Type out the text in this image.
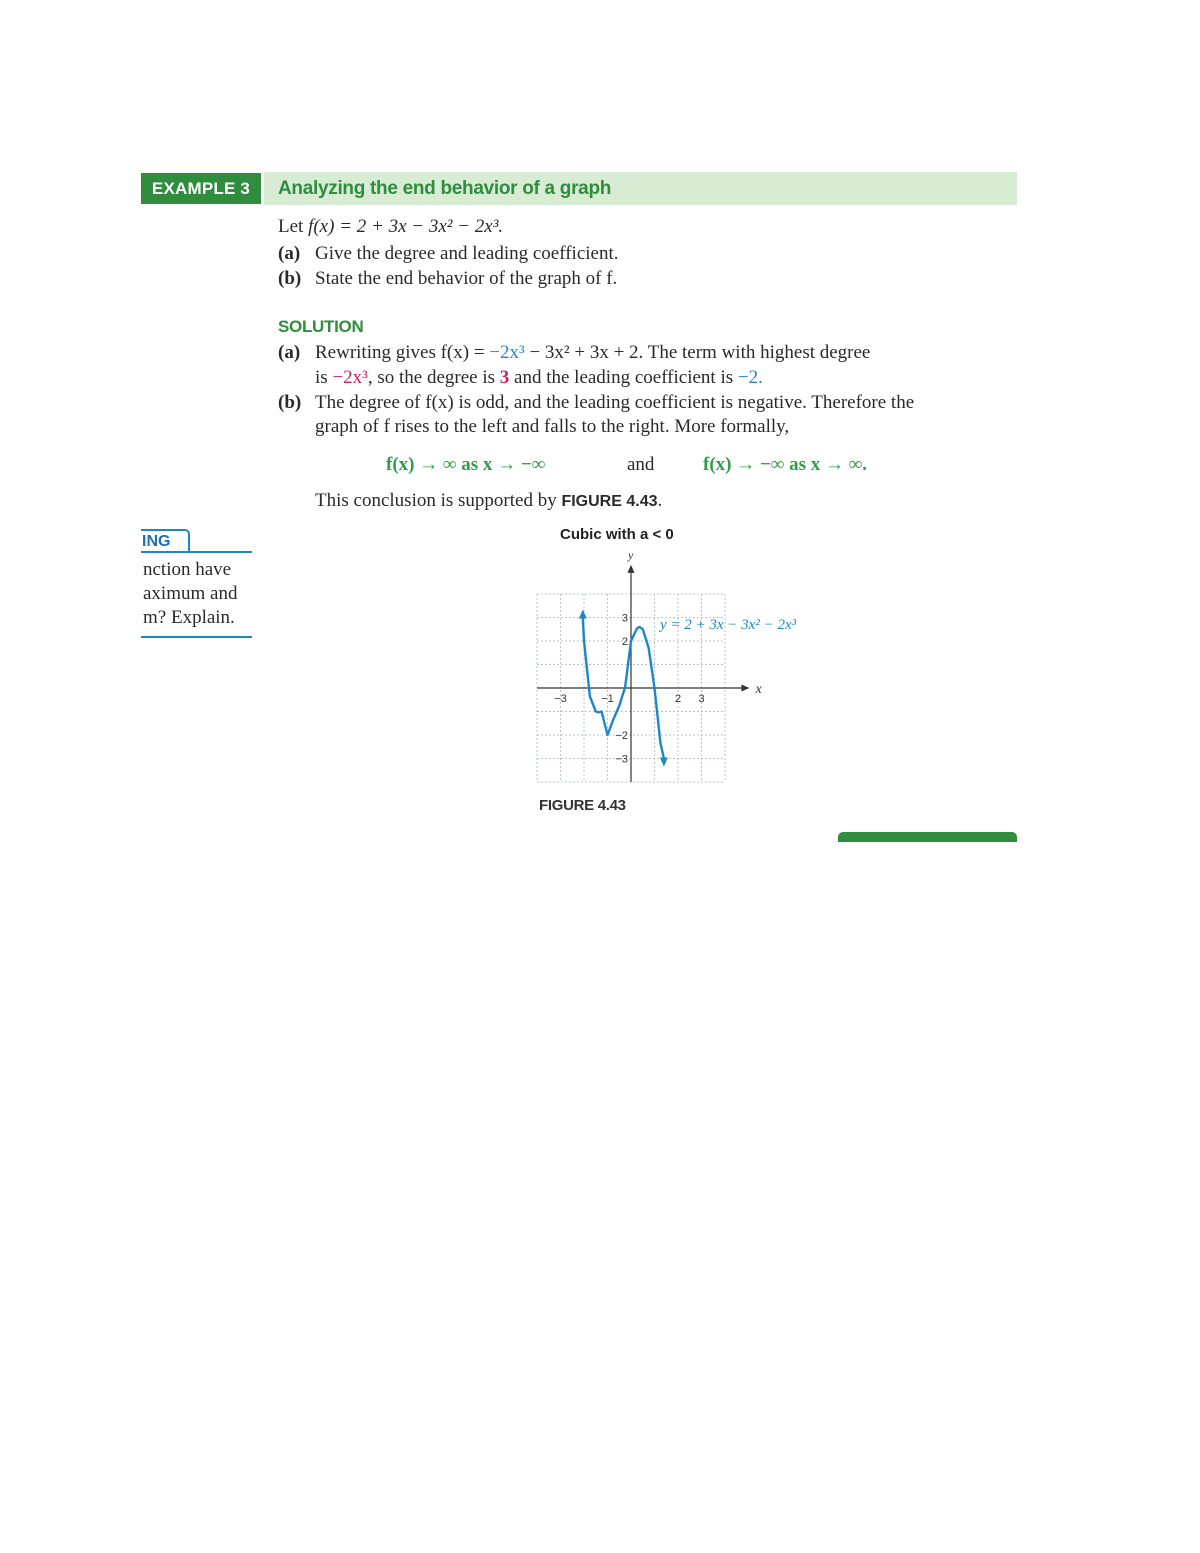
EXAMPLE 3	Analyzing the end behavior of a graph
Let f(x) = 2 + 3x − 3x² − 2x³.
(a) Give the degree and leading coefficient.
(b) State the end behavior of the graph of f.
SOLUTION
(a) Rewriting gives f(x) = −2x³ − 3x² + 3x + 2. The term with highest degree
is −2x³, so the degree is 3 and the leading coefficient is −2.
(b) The degree of f(x) is odd, and the leading coefficient is negative. Therefore the
graph of f rises to the left and falls to the right. More formally,
f(x) → ∞ as x → −∞	and	f(x) → −∞ as x → ∞.
This conclusion is supported by FIGURE 4.43.
Cubic with a < 0
x
y
−3	−1	2 3
3
2
−2
−3
y = 2 + 3x − 3x² − 2x³
FIGURE 4.43
ING
nction have
aximum and
m? Explain.
